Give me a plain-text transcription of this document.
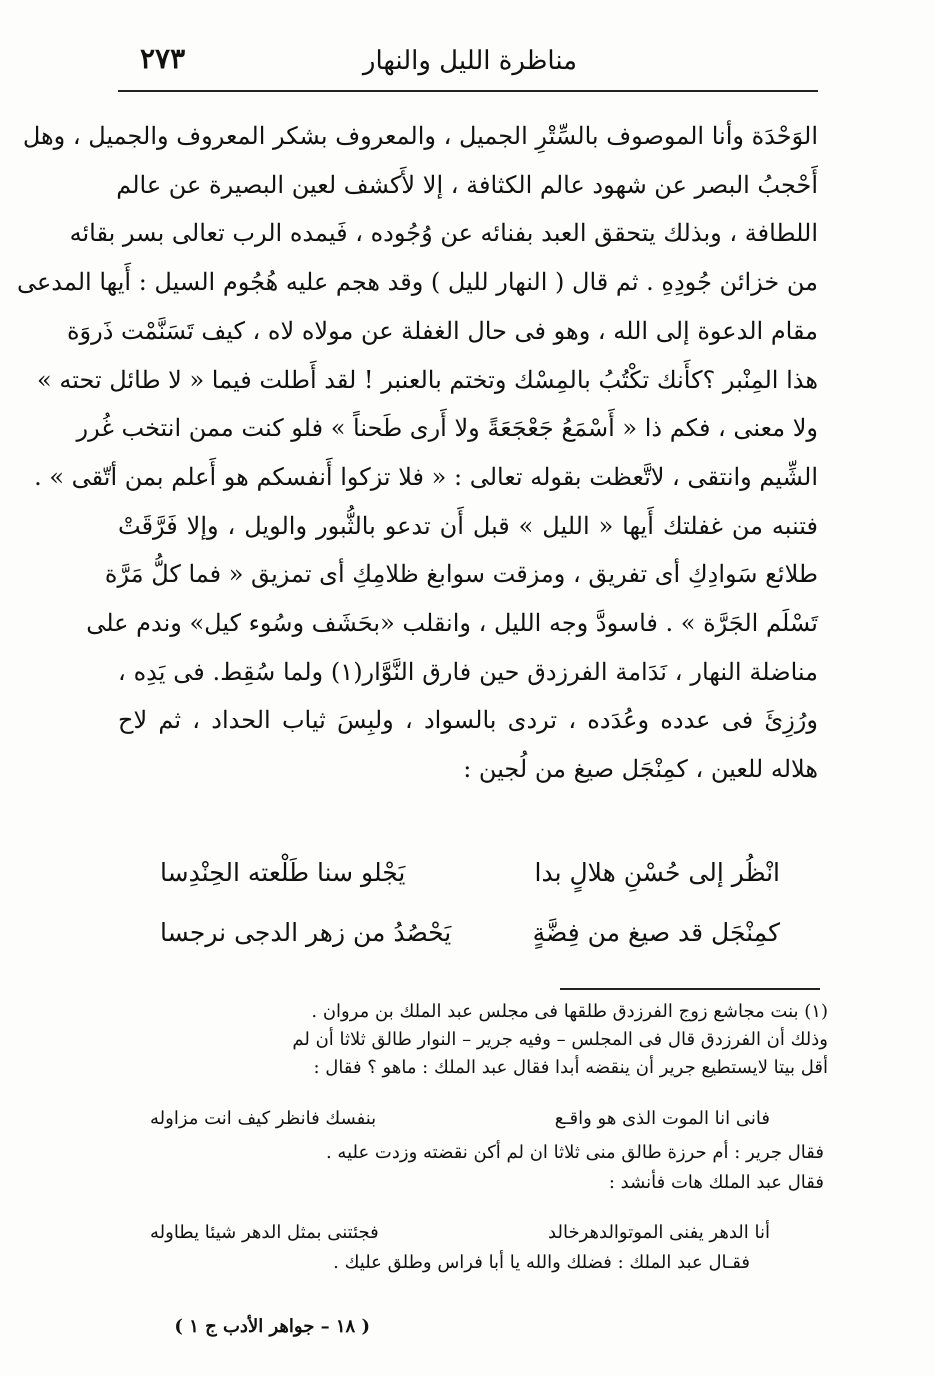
مناظرة الليل والنهار
٢٧٣
الوَحْدَة وأنا الموصوف بالسِّتْرِ الجميل ، والمعروف بشكر المعروف والجميل ، وهل
أَحْجبُ البصر عن شهود عالم الكثافة ، إلا لأَكشف لعين البصيرة عن عالم
اللطافة ، وبذلك يتحقق العبد بفنائه عن وُجُوده ، فَيمده الرب تعالى بسر بقائه
من خزائن جُودِهِ . ثم قال ( النهار لليل ) وقد هجم عليه هُجُوم السيل : أَيها المدعى
مقام الدعوة إلى الله ، وهو فى حال الغفلة عن مولاه لاه ، كيف تَسَنَّمْت ذَروَة
هذا المِنْبر ؟كأَنك تكْتُبُ بالمِسْك وتختم بالعنبر ! لقد أَطلت فيما « لا طائل تحته »
ولا معنى ، فكم ذا « أَسْمَعُ جَعْجَعَةً ولا أَرى طَحناً » فلو كنت ممن انتخب غُرر
الشِّيم وانتقى ، لاتَّعظت بقوله تعالى : « فلا تزكوا أَنفسكم هو أَعلم بمن أتّقى » .
فتنبه من غفلتك أَيها « الليل » قبل أَن تدعو بالثُّبور والويل ، وإلا فَرَّقَتْ
طلائع سَوادِكِ أى تفريق ، ومزقت سوابغ ظلامِكِ أى تمزيق « فما كلُّ مَرَّة
تَسْلَم الجَرَّة » . فاسودَّ وجه الليل ، وانقلب «بحَشَف وسُوء كيل» وندم على
مناضلة النهار ، نَدَامة الفرزدق حين فارق النَّوَّار(١) ولما سُقِط. فى يَدِه ،
ورُزِئَ فى عدده وعُدَده ، تردى بالسواد ، ولبِسَ ثياب الحداد ، ثم لاح
هلاله للعين ، كمِنْجَل صيغ من لُجين :
انْظُر إلى حُسْنِ هلالٍ بدا
يَجْلو سنا طَلْعته الحِنْدِسا
كمِنْجَل قد صيغ من فِضَّةٍ
يَحْصُدُ من زهر الدجى نرجسا
(١) بنت مجاشع زوج الفرزدق طلقها فى مجلس عبد الملك بن مروان .
وذلك أن الفرزدق قال فى المجلس – وفيه جرير – النوار طالق ثلاثا أن لم
أقل بيتا لايستطيع جرير أن ينقضه أبدا فقال عبد الملك : ماهو ؟ فقال :
فانى انا الموت الذى هو واقـع
بنفسك فانظر كيف انت مزاوله
فقال جرير : أم حرزة طالق منى ثلاثا ان لم أكن نقضته وزدت عليه .
فقال عبد الملك هات فأنشد :
أنا الدهر يفنى الموتوالدهرخالد
فجئتنى بمثل الدهر شيئا يطاوله
فقـال عبد الملك : فضلك والله يا أبا فراس وطلق عليك .
( ١٨ – جواهر الأدب ج ١ )
